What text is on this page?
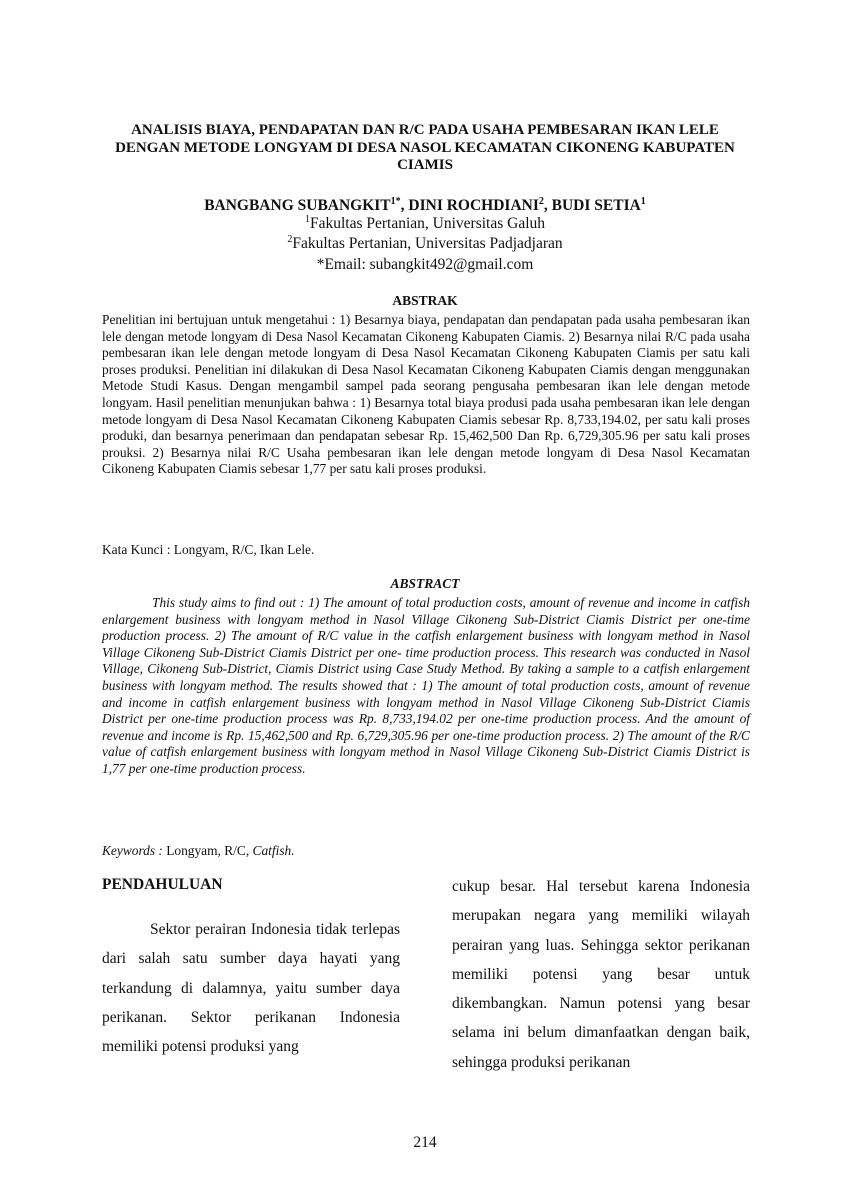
ANALISIS BIAYA, PENDAPATAN DAN R/C PADA USAHA PEMBESARAN IKAN LELE DENGAN METODE LONGYAM DI DESA NASOL KECAMATAN CIKONENG KABUPATEN CIAMIS
BANGBANG $SUBANGKIT^{1*}$, DINI ROCHDIANI$^2$, BUDI SETIA$^1$
$^1$Fakultas Pertanian, Universitas Galuh
$^2$Fakultas Pertanian, Universitas Padjadjaran
*Email: subangkit492@gmail.com
ABSTRAK

Penelitian ini bertujuan untuk mengetahui : 1) Besarnya biaya, pendapatan dan pendapatan pada usaha pembesaran ikan lele dengan metode longyam di Desa Nasol Kecamatan Cikoneng Kabupaten Ciamis. 2) Besarnya nilai R/C pada usaha pembesaran ikan lele dengan metode longyam di Desa Nasol Kecamatan Cikoneng Kabupaten Ciamis per satu kali proses produksi. Penelitian ini dilakukan di Desa Nasol Kecamatan Cikoneng Kabupaten Ciamis dengan menggunakan Metode Studi Kasus. Dengan mengambil sampel pada seorang pengusaha pembesaran ikan lele dengan metode longyam. Hasil penelitian menunjukan bahwa : 1) Besarnya total biaya produsi pada usaha pembesaran ikan lele dengan metode longyam di Desa Nasol Kecamatan Cikoneng Kabupaten Ciamis sebesar Rp. 8,733,194.02, per satu kali proses produki, dan besarnya penerimaan dan pendapatan sebesar Rp. 15,462,500 Dan Rp. 6,729,305.96 per satu kali proses prouksi. 2) Besarnya nilai R/C Usaha pembesaran ikan lele dengan metode longyam di Desa Nasol Kecamatan Cikoneng Kabupaten Ciamis sebesar 1,77 per satu kali proses produksi.

Kata Kunci : Longyam, R/C, Ikan Lele.
ABSTRACT

This study aims to find out : 1) The amount of total production costs, amount of revenue and income in catfish enlargement business with longyam method in Nasol Village Cikoneng Sub-District Ciamis District per one-time production process. 2) The amount of R/C value in the catfish enlargement business with longyam method in Nasol Village Cikoneng Sub-District Ciamis District per one- time production process. This research was conducted in Nasol Village, Cikoneng Sub-District, Ciamis District using Case Study Method. By taking a sample to a catfish enlargement business with longyam method. The results showed that : 1) The amount of total production costs, amount of revenue and income in catfish enlargement business with longyam method in Nasol Village Cikoneng Sub-District Ciamis District per one-time production process was Rp. 8,733,194.02 per one-time production process. And the amount of revenue and income is Rp. 15,462,500 and Rp. 6,729,305.96 per one-time production process. 2) The amount of the R/C value of catfish enlargement business with longyam method in Nasol Village Cikoneng Sub-District Ciamis District is 1,77 per one-time production process.

Keywords : Longyam, R/C, Catfish.
PENDAHULUAN

Sektor perairan Indonesia tidak terlepas dari salah satu sumber daya hayati yang terkandung di dalamnya, yaitu sumber daya perikanan. Sektor perikanan Indonesia memiliki potensi produksi yang

cukup besar. Hal tersebut karena Indonesia merupakan negara yang memiliki wilayah perairan yang luas. Sehingga sektor perikanan memiliki potensi yang besar untuk dikembangkan. Namun potensi yang besar selama ini belum dimanfaatkan dengan baik, sehingga produksi perikanan

214
